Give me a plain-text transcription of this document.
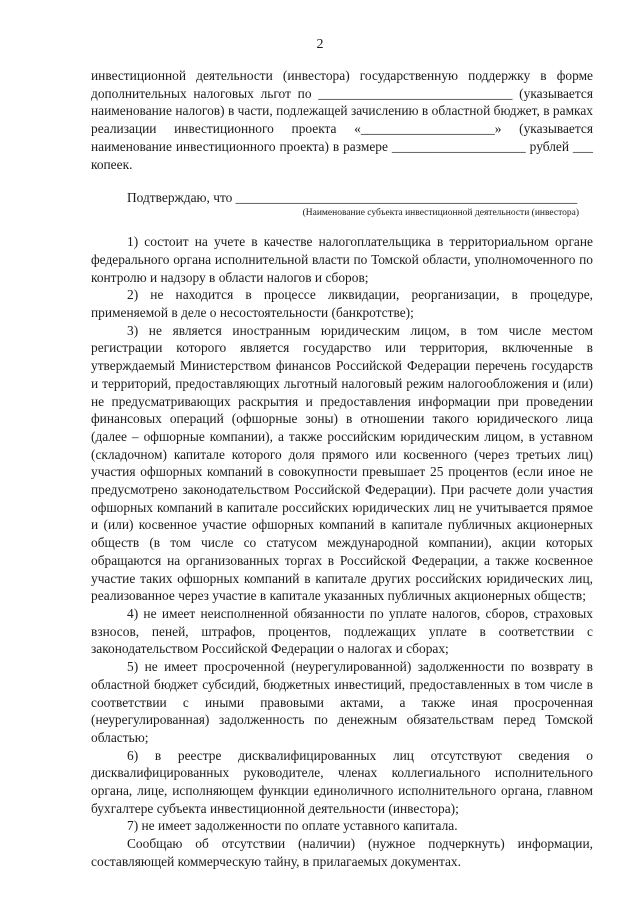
2

инвестиционной деятельности (инвестора) государственную поддержку в форме дополнительных налоговых льгот по _____________________________ (указывается наименование налогов) в части, подлежащей зачислению в областной бюджет, в рамках реализации инвестиционного проекта «____________________» (указывается наименование инвестиционного проекта) в размере ____________________ рублей ___ копеек.

Подтверждаю, что ___________________________________________________
(Наименование субъекта инвестиционной деятельности (инвестора)

1) состоит на учете в качестве налогоплательщика в территориальном органе федерального органа исполнительной власти по Томской области, уполномоченного по контролю и надзору в области налогов и сборов;

2) не находится в процессе ликвидации, реорганизации, в процедуре, применяемой в деле о несостоятельности (банкротстве);

3) не является иностранным юридическим лицом, в том числе местом регистрации которого является государство или территория, включенные в утверждаемый Министерством финансов Российской Федерации перечень государств и территорий, предоставляющих льготный налоговый режим налогообложения и (или) не предусматривающих раскрытия и предоставления информации при проведении финансовых операций (офшорные зоны) в отношении такого юридического лица (далее – офшорные компании), а также российским юридическим лицом, в уставном (складочном) капитале которого доля прямого или косвенного (через третьих лиц) участия офшорных компаний в совокупности превышает 25 процентов (если иное не предусмотрено законодательством Российской Федерации). При расчете доли участия офшорных компаний в капитале российских юридических лиц не учитывается прямое и (или) косвенное участие офшорных компаний в капитале публичных акционерных обществ (в том числе со статусом международной компании), акции которых обращаются на организованных торгах в Российской Федерации, а также косвенное участие таких офшорных компаний в капитале других российских юридических лиц, реализованное через участие в капитале указанных публичных акционерных обществ;

4) не имеет неисполненной обязанности по уплате налогов, сборов, страховых взносов, пеней, штрафов, процентов, подлежащих уплате в соответствии с законодательством Российской Федерации о налогах и сборах;

5) не имеет просроченной (неурегулированной) задолженности по возврату в областной бюджет субсидий, бюджетных инвестиций, предоставленных в том числе в соответствии с иными правовыми актами, а также иная просроченная (неурегулированная) задолженность по денежным обязательствам перед Томской областью;

6) в реестре дисквалифицированных лиц отсутствуют сведения о дисквалифицированных руководителе, членах коллегиального исполнительного органа, лице, исполняющем функции единоличного исполнительного органа, главном бухгалтере субъекта инвестиционной деятельности (инвестора);

7) не имеет задолженности по оплате уставного капитала.

Сообщаю об отсутствии (наличии) (нужное подчеркнуть) информации, составляющей коммерческую тайну, в прилагаемых документах.
